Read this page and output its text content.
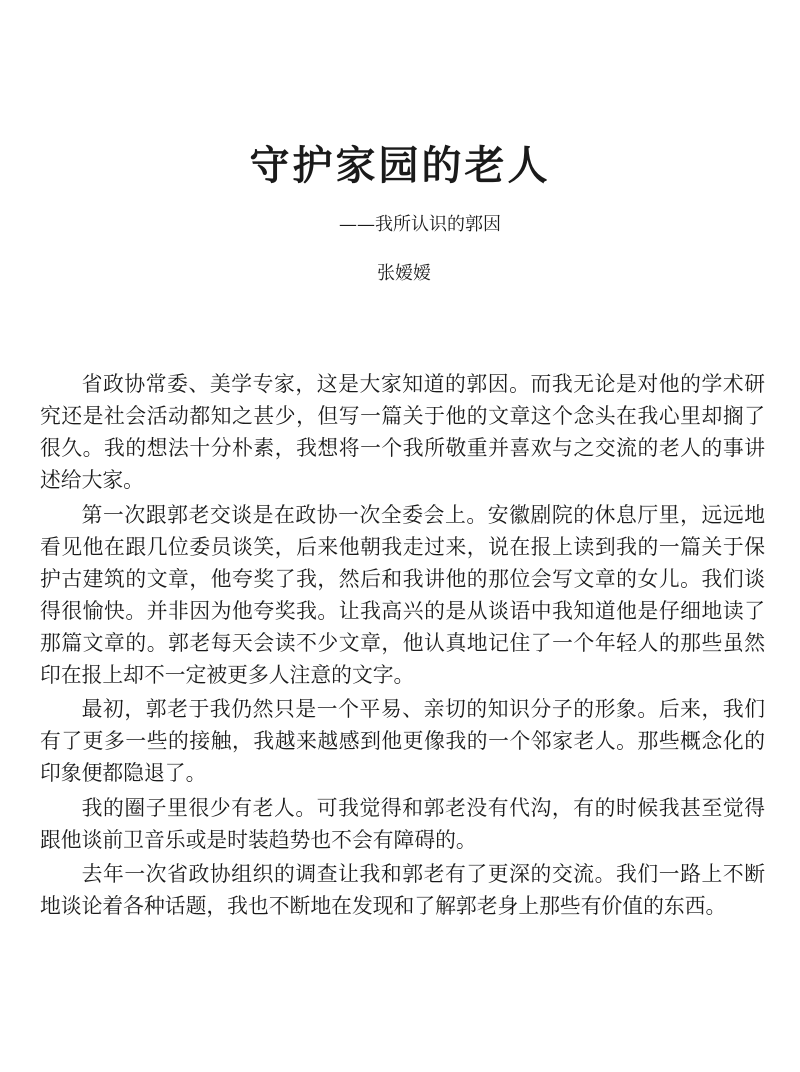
守护家园的老人
——我所认识的郭因
张嫒嫒

省政协常委、美学专家，这是大家知道的郭因。而我无论是对他的学术研究还是社会活动都知之甚少，但写一篇关于他的文章这个念头在我心里却搁了很久。我的想法十分朴素，我想将一个我所敬重并喜欢与之交流的老人的事讲述给大家。

第一次跟郭老交谈是在政协一次全委会上。安徽剧院的休息厅里，远远地看见他在跟几位委员谈笑，后来他朝我走过来，说在报上读到我的一篇关于保护古建筑的文章，他夸奖了我，然后和我讲他的那位会写文章的女儿。我们谈得很愉快。并非因为他夸奖我。让我高兴的是从谈语中我知道他是仔细地读了那篇文章的。郭老每天会读不少文章，他认真地记住了一个年轻人的那些虽然印在报上却不一定被更多人注意的文字。

最初，郭老于我仍然只是一个平易、亲切的知识分子的形象。后来，我们有了更多一些的接触，我越来越感到他更像我的一个邻家老人。那些概念化的印象便都隐退了。

我的圈子里很少有老人。可我觉得和郭老没有代沟，有的时候我甚至觉得跟他谈前卫音乐或是时装趋势也不会有障碍的。

去年一次省政协组织的调查让我和郭老有了更深的交流。我们一路上不断地谈论着各种话题，我也不断地在发现和了解郭老身上那些有价值的东西。
